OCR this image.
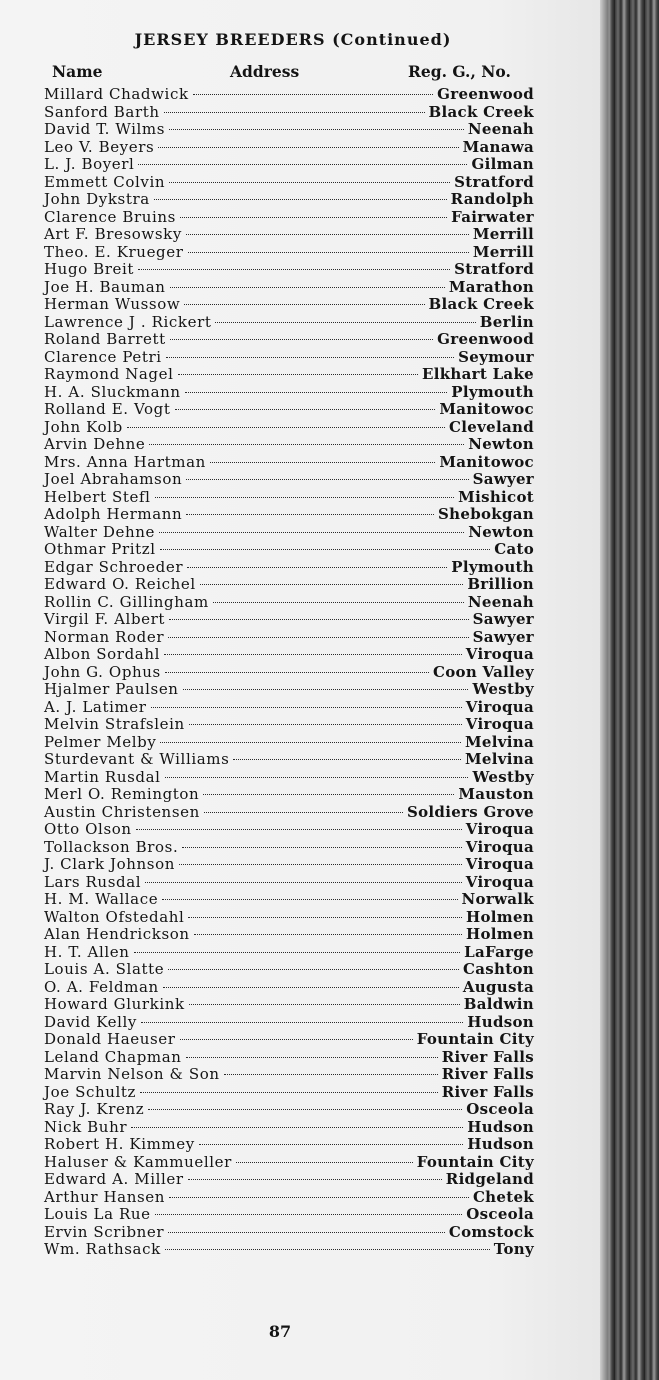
JERSEY BREEDERS (Continued)
Name	Address	Reg. G., No.
Millard Chadwick	Greenwood
Sanford Barth	Black Creek
David T. Wilms	Neenah
Leo V. Beyers	Manawa
L. J. Boyerl	Gilman
Emmett Colvin	Stratford
John Dykstra	Randolph
Clarence Bruins	Fairwater
Art F. Bresowsky	Merrill
Theo. E. Krueger	Merrill
Hugo Breit	Stratford
Joe H. Bauman	Marathon
Herman Wussow	Black Creek
Lawrence J . Rickert	Berlin
Roland Barrett	Greenwood
Clarence Petri	Seymour
Raymond Nagel	Elkhart Lake
H. A. Sluckmann	Plymouth
Rolland E. Vogt	Manitowoc
John Kolb	Cleveland
Arvin Dehne	Newton
Mrs. Anna Hartman	Manitowoc
Joel Abrahamson	Sawyer
Helbert Stefl	Mishicot
Adolph Hermann	Shebokgan
Walter Dehne	Newton
Othmar Pritzl	Cato
Edgar Schroeder	Plymouth
Edward O. Reichel	Brillion
Rollin C. Gillingham	Neenah
Virgil F. Albert	Sawyer
Norman Roder	Sawyer
Albon Sordahl	Viroqua
John G. Ophus	Coon Valley
Hjalmer Paulsen	Westby
A. J. Latimer	Viroqua
Melvin Strafslein	Viroqua
Pelmer Melby	Melvina
Sturdevant & Williams	Melvina
Martin Rusdal	Westby
Merl O. Remington	Mauston
Austin Christensen	Soldiers Grove
Otto Olson	Viroqua
Tollackson Bros.	Viroqua
J. Clark Johnson	Viroqua
Lars Rusdal	Viroqua
H. M. Wallace	Norwalk
Walton Ofstedahl	Holmen
Alan Hendrickson	Holmen
H. T. Allen	LaFarge
Louis A. Slatte	Cashton
O. A. Feldman	Augusta
Howard Glurkink	Baldwin
David Kelly	Hudson
Donald Haeuser	Fountain City
Leland Chapman	River Falls
Marvin Nelson & Son	River Falls
Joe Schultz	River Falls
Ray J. Krenz	Osceola
Nick Buhr	Hudson
Robert H. Kimmey	Hudson
Haluser & Kammueller	Fountain City
Edward A. Miller	Ridgeland
Arthur Hansen	Chetek
Louis La Rue	Osceola
Ervin Scribner	Comstock
Wm. Rathsack	Tony
87
